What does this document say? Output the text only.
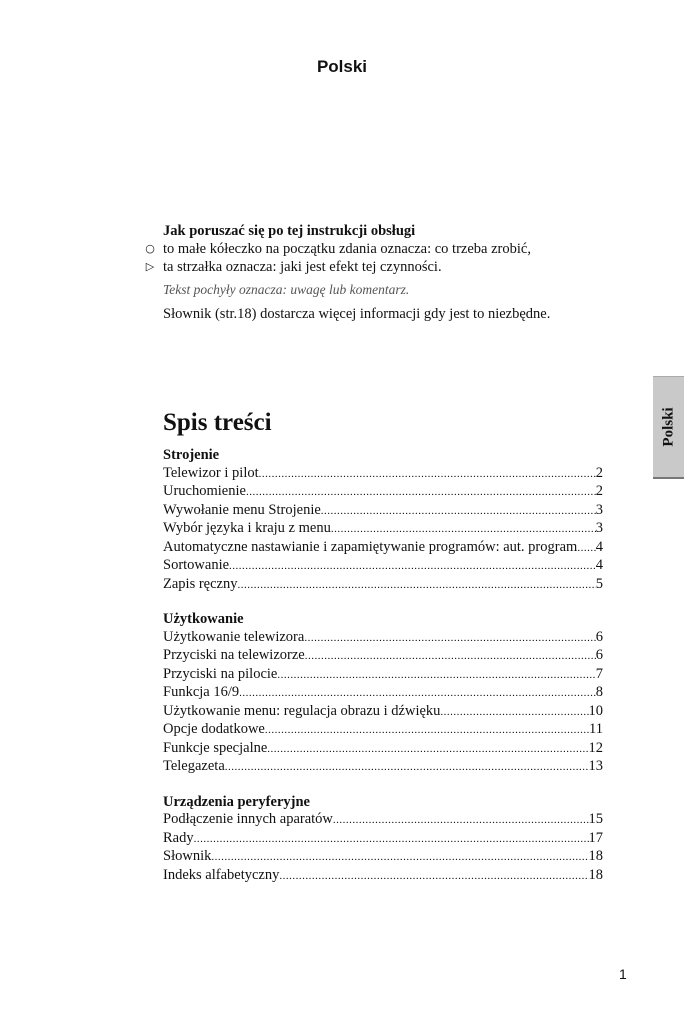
Polski
Polski
Jak poruszać się po tej instrukcji obsługi
○ to małe kółeczko na początku zdania oznacza: co trzeba zrobić,
▷ ta strzałka oznacza: jaki jest efekt tej czynności.
Tekst pochyły oznacza: uwagę lub komentarz.
Słownik (str.18) dostarcza więcej informacji gdy jest to niezbędne.
Spis treści
Strojenie
Telewizor i pilot .....	2
Uruchomienie .....	2
Wywołanie menu Strojenie .....	3
Wybór języka i kraju z menu .....	3
Automatyczne nastawianie i zapamiętywanie programów: aut. program ..... 4
Sortowanie .....	4
Zapis ręczny .....	5
Użytkowanie
Użytkowanie telewizora .....	6
Przyciski na telewizorze .....	6
Przyciski na pilocie .....	7
Funkcja 16/9 .....	8
Użytkowanie menu: regulacja obrazu i dźwięku .....	10
Opcje dodatkowe .....	11
Funkcje specjalne .....	12
Telegazeta .....	13
Urządzenia peryferyjne
Podłączenie innych aparatów .....	15
Rady .....	17
Słownik .....	18
Indeks alfabetyczny .....	18
1
